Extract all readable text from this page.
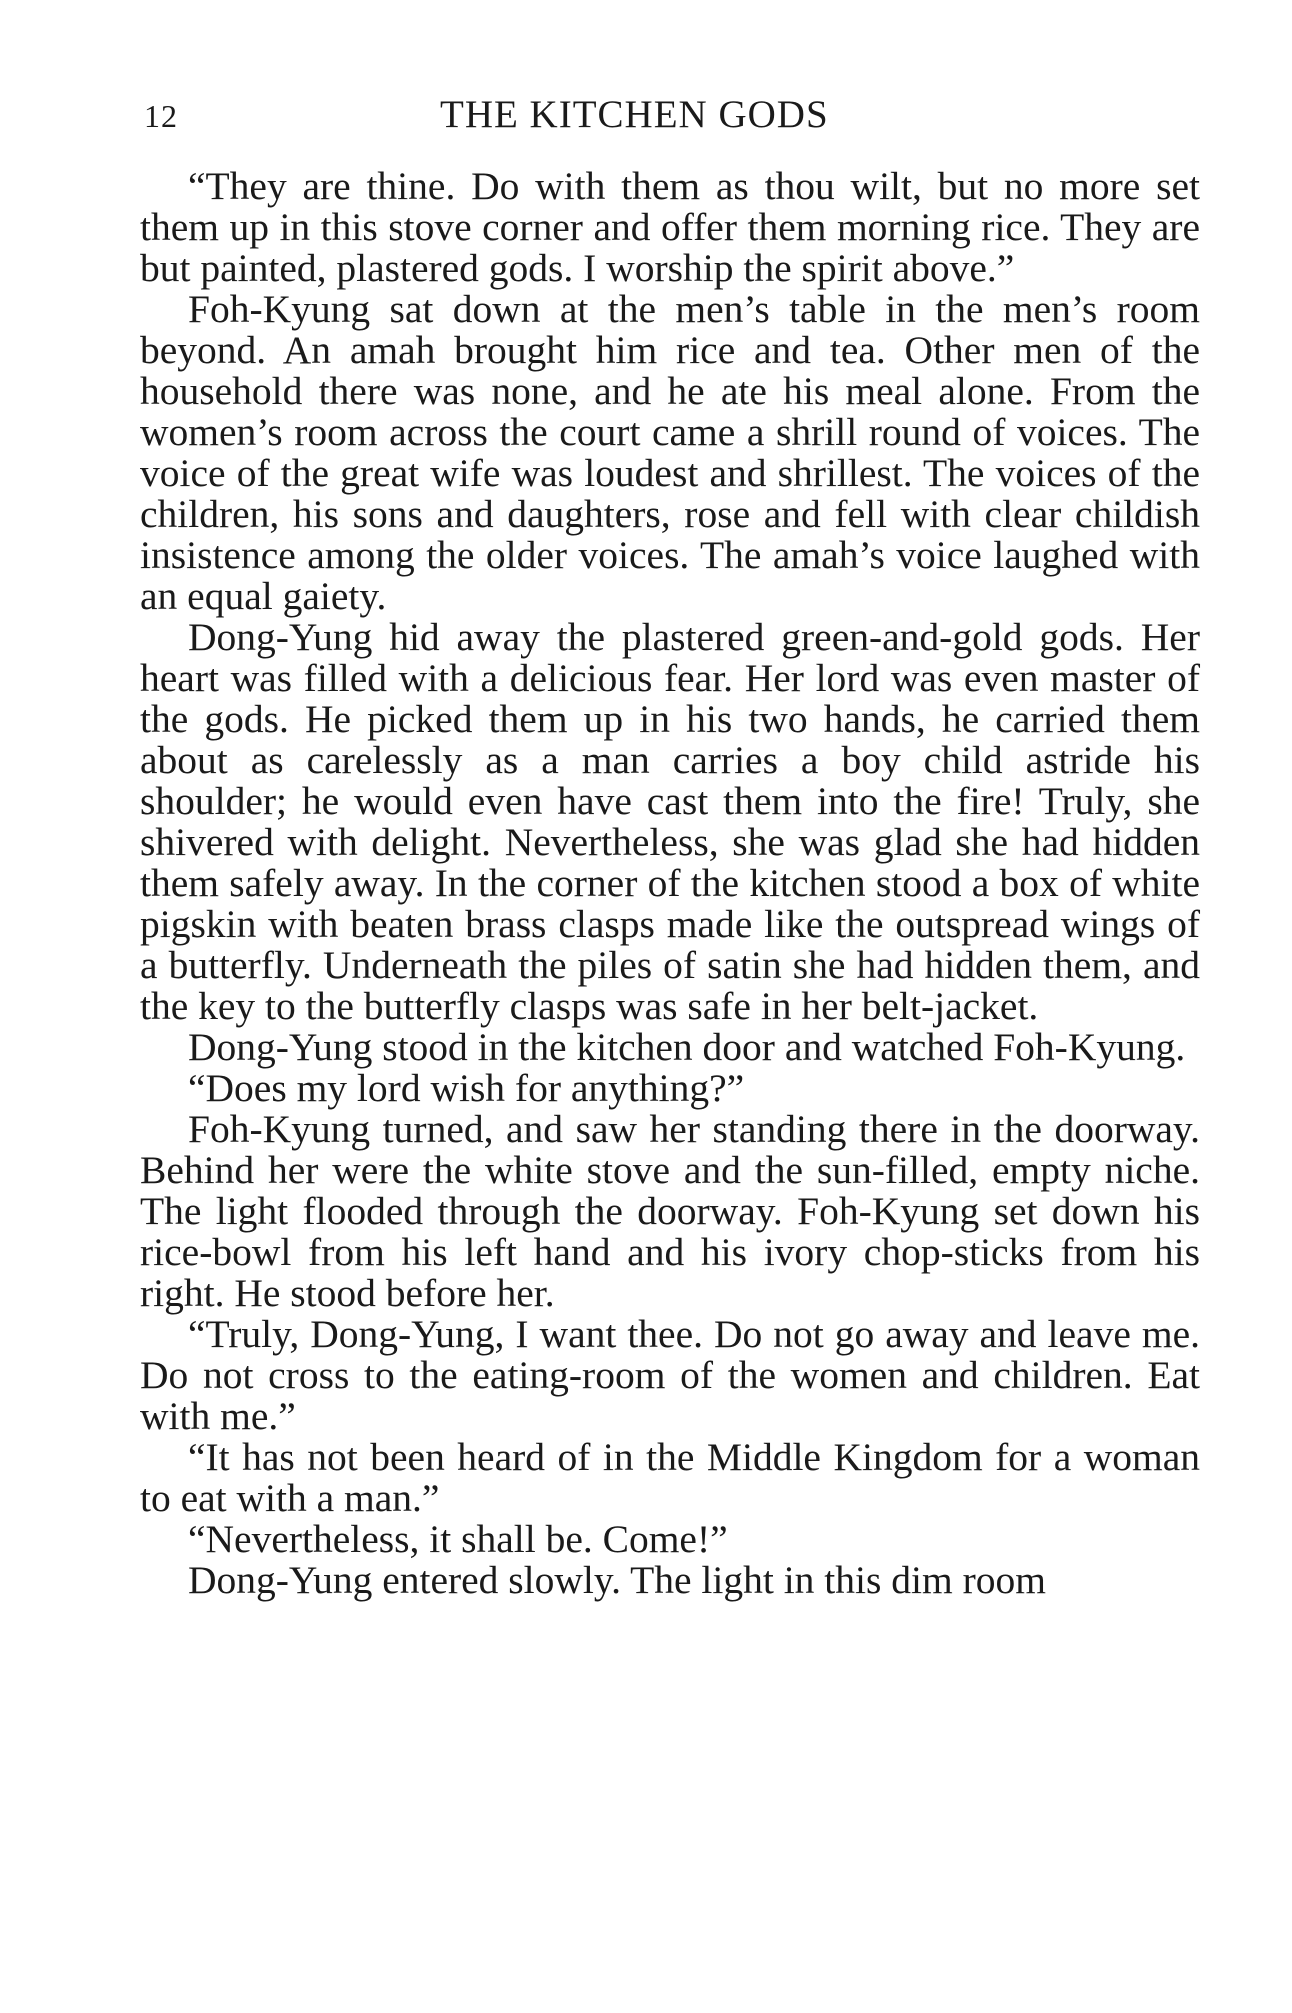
12	THE KITCHEN GODS

“They are thine. Do with them as thou wilt, but no more set them up in this stove corner and offer them morning rice. They are but painted, plastered gods. I worship the spirit above.”

Foh-Kyung sat down at the men’s table in the men’s room beyond. An amah brought him rice and tea. Other men of the household there was none, and he ate his meal alone. From the women’s room across the court came a shrill round of voices. The voice of the great wife was loudest and shrillest. The voices of the children, his sons and daughters, rose and fell with clear childish insistence among the older voices. The amah’s voice laughed with an equal gaiety.

Dong-Yung hid away the plastered green-and-gold gods. Her heart was filled with a delicious fear. Her lord was even master of the gods. He picked them up in his two hands, he carried them about as carelessly as a man carries a boy child astride his shoulder; he would even have cast them into the fire! Truly, she shivered with delight. Nevertheless, she was glad she had hidden them safely away. In the corner of the kitchen stood a box of white pigskin with beaten brass clasps made like the outspread wings of a butterfly. Underneath the piles of satin she had hidden them, and the key to the butterfly clasps was safe in her belt-jacket.

Dong-Yung stood in the kitchen door and watched Foh-Kyung.

“Does my lord wish for anything?”

Foh-Kyung turned, and saw her standing there in the doorway. Behind her were the white stove and the sun-filled, empty niche. The light flooded through the doorway. Foh-Kyung set down his rice-bowl from his left hand and his ivory chop-sticks from his right. He stood before her.

“Truly, Dong-Yung, I want thee. Do not go away and leave me. Do not cross to the eating-room of the women and children. Eat with me.”

“It has not been heard of in the Middle Kingdom for a woman to eat with a man.”

“Nevertheless, it shall be. Come!”

Dong-Yung entered slowly. The light in this dim room
